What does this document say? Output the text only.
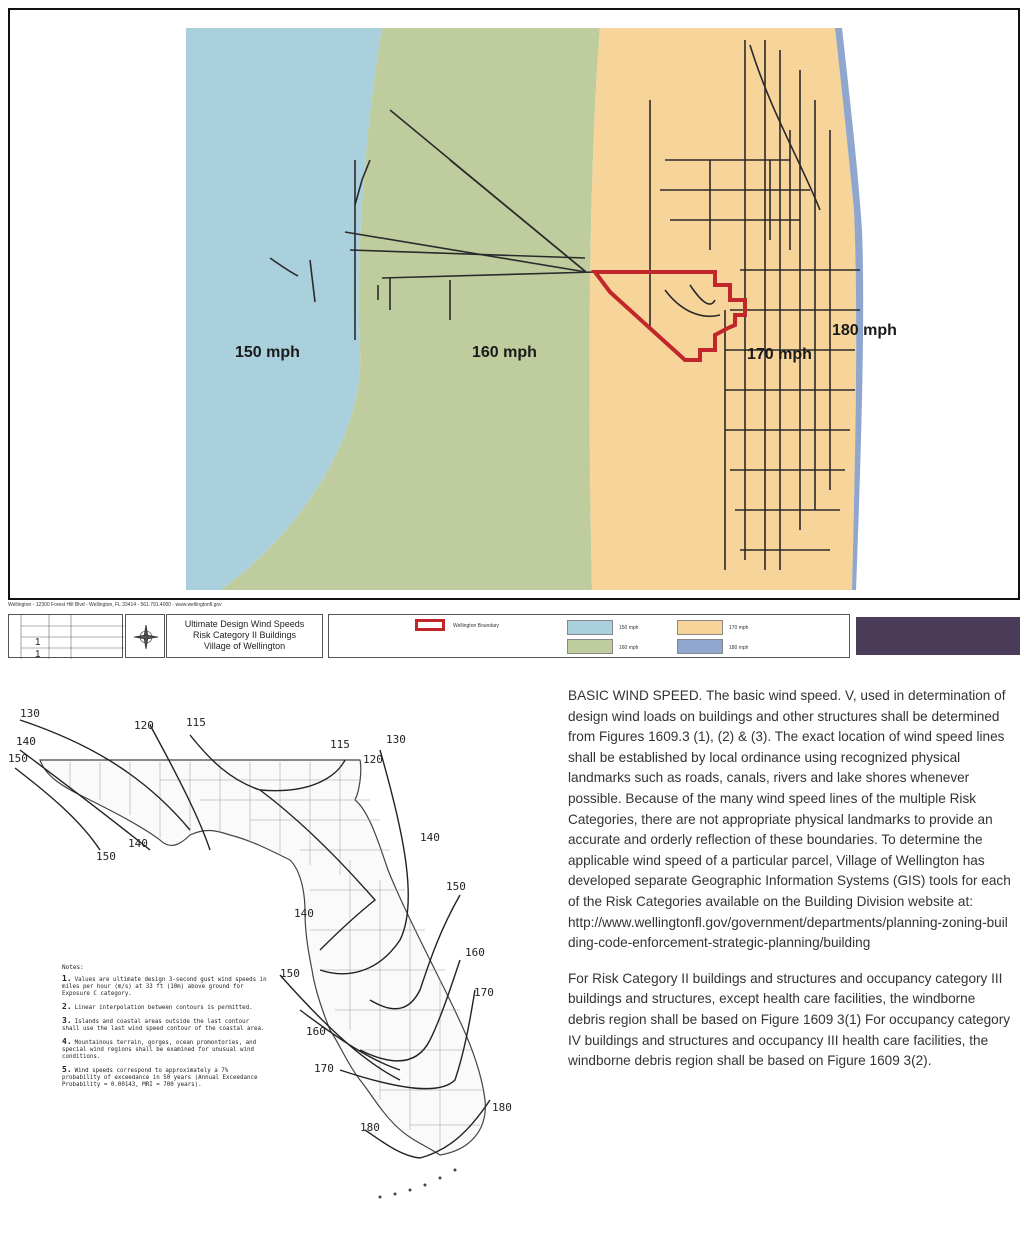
150 mph	160 mph	170 mph
180 mph
Wellington - 12300 Forest Hill Blvd - Wellington, FL 33414 - 561.791.4000 - www.wellingtonfl.gov
1
1
Ultimate Design Wind Speeds
Risk Category II Buildings
Village of Wellington
Wellington Boundary	150 mph
160 mph
170 mph
180 mph
130
120	115
140
150
115	130
120
150
140	140
150
140
160
150
170
160
170
180
180
Notes:
1. Values are ultimate design 3-second gust wind speeds in miles per hour (m/s) at 33 ft (10m) above ground for Exposure C category.
2. Linear interpolation between contours is permitted.
3. Islands and coastal areas outside the last contour shall use the last wind speed contour of the coastal area.
4. Mountainous terrain, gorges, ocean promontories, and special wind regions shall be examined for unusual wind conditions.
5. Wind speeds correspond to approximately a 7% probability of exceedance in 50 years (Annual Exceedance Probability = 0.00143, MRI = 700 years).

BASIC WIND SPEED. The basic wind speed. V, used in determination of design wind loads on buildings and other structures shall be determined from Figures 1609.3 (1), (2) & (3). The exact location of wind speed lines shall be established by local ordinance using recognized physical landmarks such as roads, canals, rivers and lake shores whenever possible. Because of the many wind speed lines of the multiple Risk Categories, there are not appropriate physical landmarks to provide an accurate and orderly reflection of these boundaries. To determine the applicable wind speed of a particular parcel, Village of Wellington has developed separate Geographic Information Systems (GIS) tools for each of the Risk Categories available on the Building Division website at:
http://www.wellingtonfl.gov/government/departments/planning-zoning-building-code-enforcement-strategic-planning/building

For Risk Category II buildings and structures and occupancy category III buildings and structures, except health care facilities, the windborne debris region shall be based on Figure 1609 3(1) For occupancy category IV buildings and structures and occupancy III health care facilities, the windborne debris region shall be based on Figure 1609 3(2).
